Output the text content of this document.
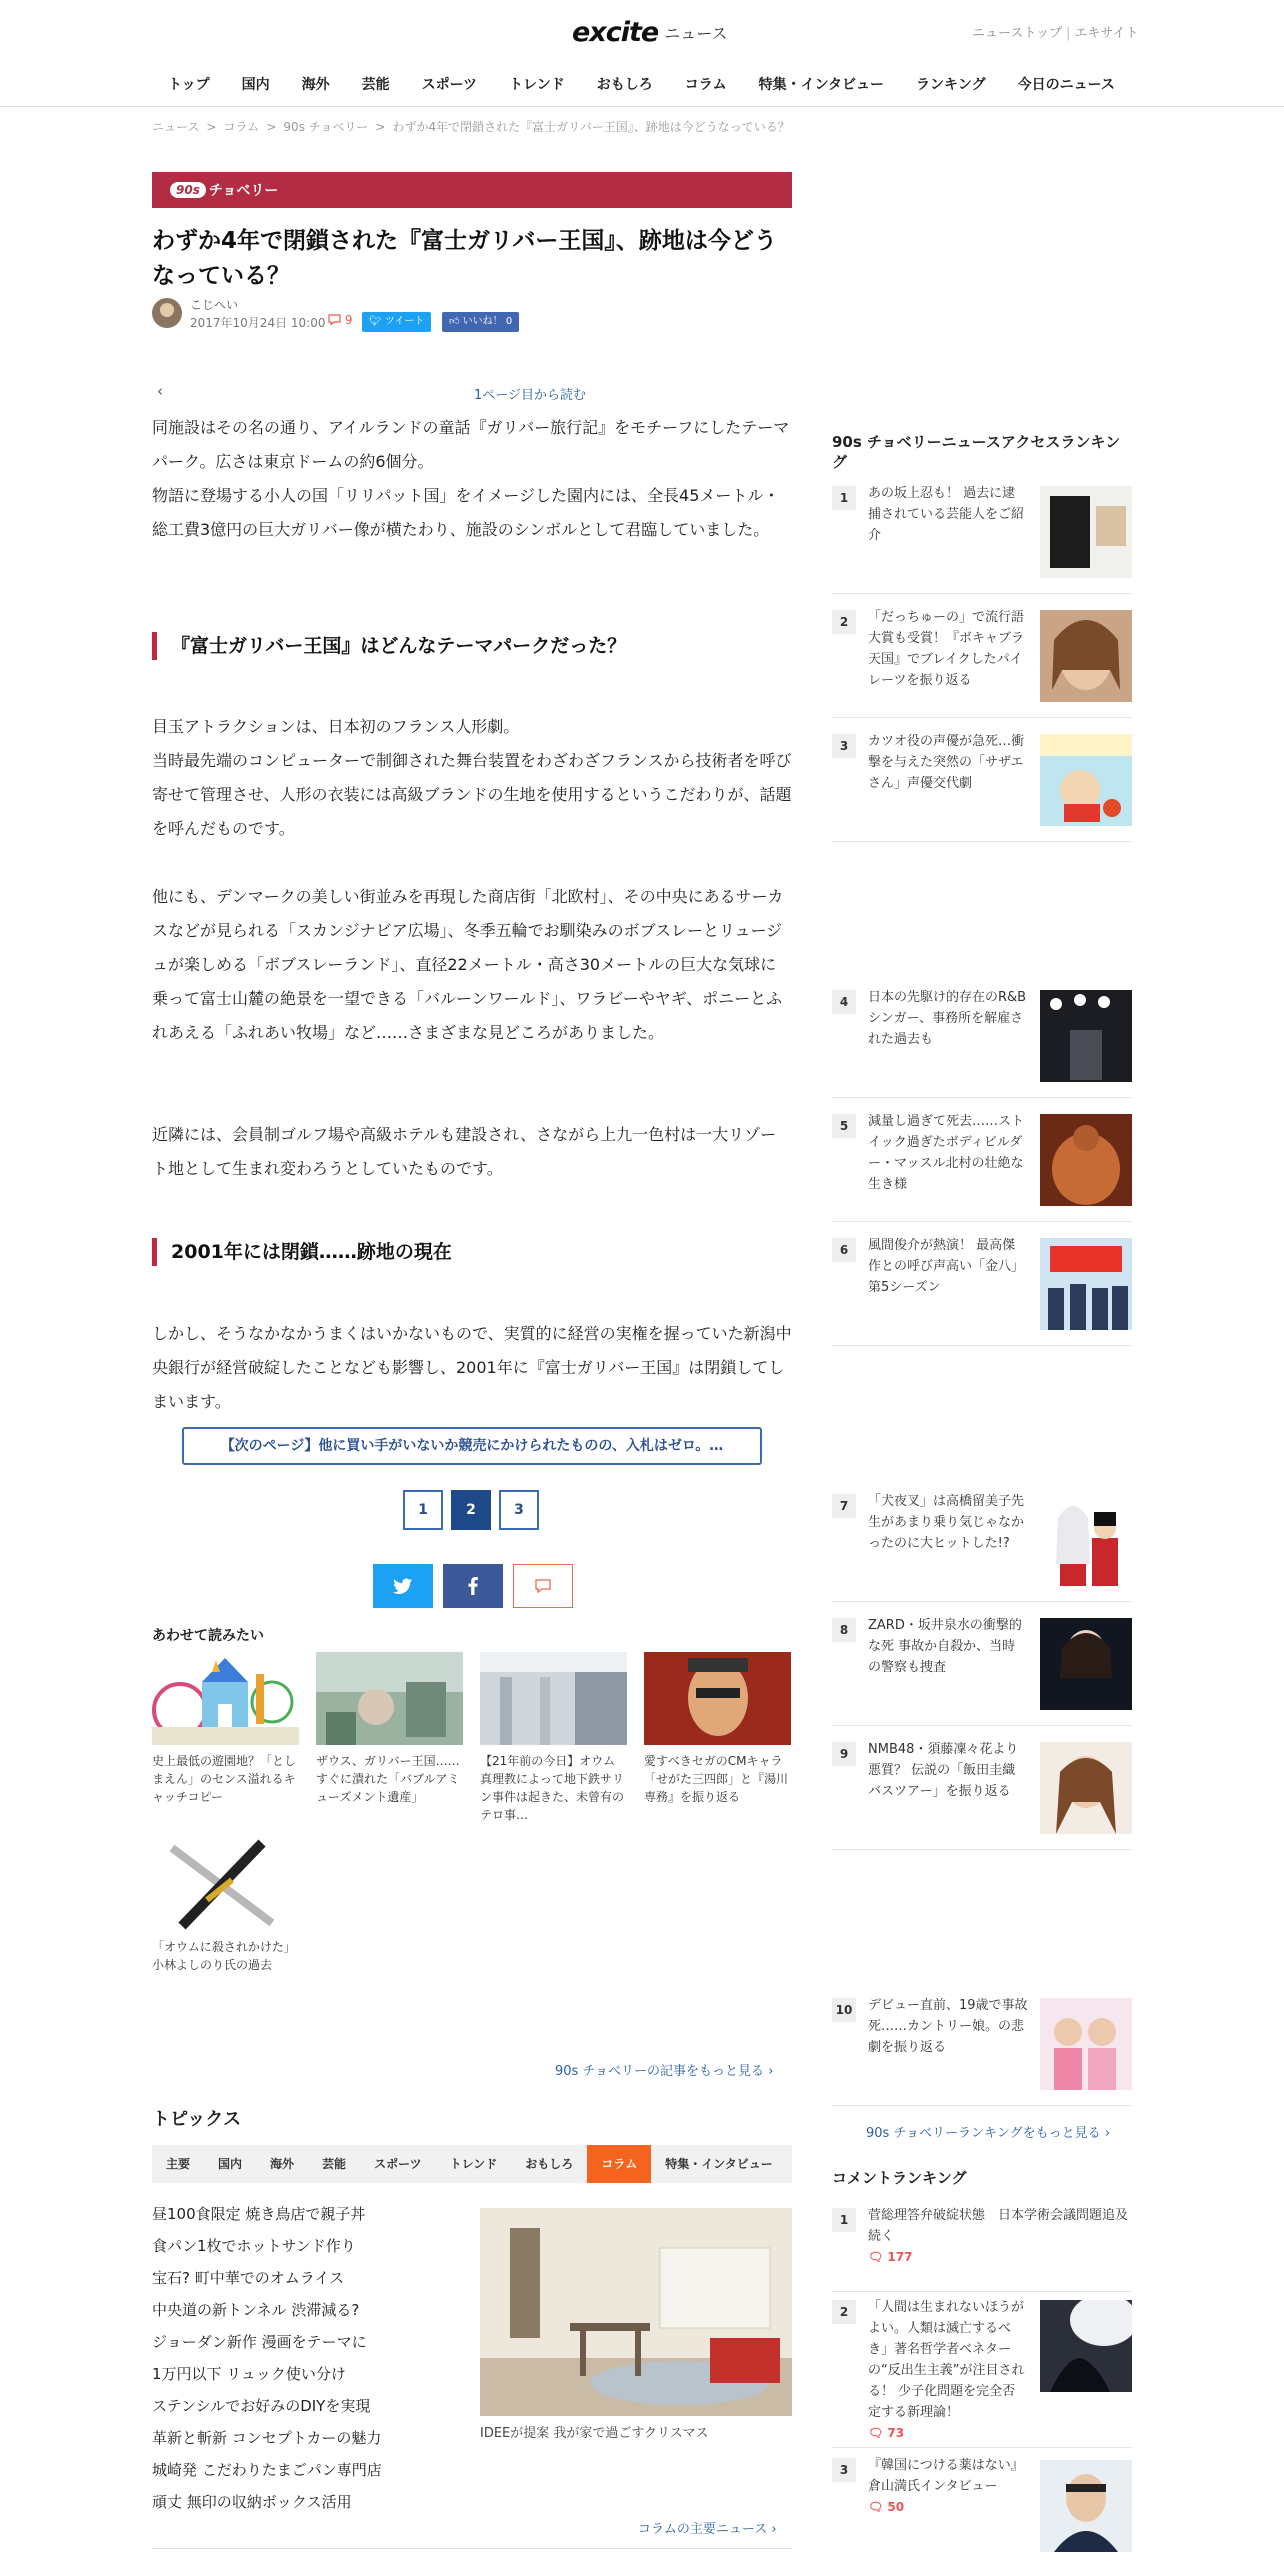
excite ニュース	ニューストップ | エキサイト
トップ	国内	海外	芸能	スポーツ	トレンド	おもしろ	コラム	特集・インタビュー	ランキング	今日のニュース
ニュース > コラム > 90s チョベリー > わずか4年で閉鎖された『富士ガリバー王国』、跡地は今どうなっている？
90s チョベリー
わずか4年で閉鎖された『富士ガリバー王国』、跡地は今どうなっている？
こじへい
2017年10月24日 10:00	9	🐦︎ ツイート	👍︎ いいね！ 0
‹	1ページ目から読む
同施設はその名の通り、アイルランドの童話『ガリバー旅行記』をモチーフにしたテーマパーク。広さは東京ドームの約6個分。
物語に登場する小人の国「リリパット国」をイメージした園内には、全長45メートル・総工費3億円の巨大ガリバー像が横たわり、施設のシンボルとして君臨していました。
『富士ガリバー王国』はどんなテーマパークだった？
目玉アトラクションは、日本初のフランス人形劇。
当時最先端のコンピューターで制御された舞台装置をわざわざフランスから技術者を呼び寄せて管理させ、人形の衣装には高級ブランドの生地を使用するというこだわりが、話題を呼んだものです。
他にも、デンマークの美しい街並みを再現した商店街「北欧村」、その中央にあるサーカスなどが見られる「スカンジナビア広場」、冬季五輪でお馴染みのボブスレーとリュージュが楽しめる「ボブスレーランド」、直径22メートル・高さ30メートルの巨大な気球に乗って富士山麓の絶景を一望できる「バルーンワールド」、ワラビーやヤギ、ポニーとふれあえる「ふれあい牧場」など……さまざまな見どころがありました。
近隣には、会員制ゴルフ場や高級ホテルも建設され、さながら上九一色村は一大リゾート地として生まれ変わろうとしていたものです。
2001年には閉鎖……跡地の現在
しかし、そうなかなかうまくはいかないもので、実質的に経営の実権を握っていた新潟中央銀行が経営破綻したことなども影響し、2001年に『富士ガリバー王国』は閉鎖してしまいます。
【次のページ】他に買い手がいないか競売にかけられたものの、入札はゼロ。…
1	2	3
あわせて読みたい
史上最低の遊園地？「としまえん」のセンス溢れるキャッチコピー
ザウス、ガリバー王国……すぐに潰れた「バブルアミューズメント遺産」
【21年前の今日】オウム真理教によって地下鉄サリン事件は起きた、未曾有のテロ事…
愛すべきセガのCMキャラ「せがた三四郎」と『湯川専務』を振り返る
「オウムに殺されかけた」小林よしのり氏の過去
90s チョベリーの記事をもっと見る ›
トピックス
主要	国内	海外	芸能	スポーツ	トレンド	おもしろ	コラム	特集・インタビュー
昼100食限定 焼き鳥店で親子丼
食パン1枚でホットサンド作り
宝石? 町中華でのオムライス
中央道の新トンネル 渋滞減る?
ジョーダン新作 漫画をテーマに
1万円以下 リュック使い分け
ステンシルでお好みのDIYを実現
革新と斬新 コンセプトカーの魅力
城崎発 こだわりたまごパン専門店
頑丈 無印の収納ボックス活用
IDEEが提案 我が家で過ごすクリスマス
コラムの主要ニュース ›
90s チョベリーニュースアクセスランキング
1	あの坂上忍も！ 過去に逮捕されている芸能人をご紹介
2	「だっちゅーの」で流行語大賞も受賞！『ボキャブラ天国』でブレイクしたパイレーツを振り返る
3	カツオ役の声優が急死…衝撃を与えた突然の「サザエさん」声優交代劇
4	日本の先駆け的存在のR&Bシンガー、事務所を解雇された過去も
5	減量し過ぎて死去……ストイック過ぎたボディビルダー・マッスル北村の壮絶な生き様
6	風間俊介が熱演！ 最高傑作との呼び声高い「金八」第5シーズン
7	「犬夜叉」は高橋留美子先生があまり乗り気じゃなかったのに大ヒットした!?
8	ZARD・坂井泉水の衝撃的な死 事故か自殺か、当時の警察も捜査
9	NMB48・須藤凜々花より悪質？ 伝説の「飯田圭織バスツアー」を振り返る
10 デビュー直前、19歳で事故死……カントリー娘。の悲劇を振り返る
90s チョベリーランキングをもっと見る ›
コメントランキング
1	菅総理答弁破綻状態　日本学術会議問題追及続く
🗨︎ 177
2	「人間は生まれないほうがよい。人類は滅亡するべき」著名哲学者ベネターの“反出生主義”が注目される！ 少子化問題を完全否定する新理論！
🗨︎ 73
3	『韓国につける薬はない』倉山満氏インタビュー
🗨︎ 50
